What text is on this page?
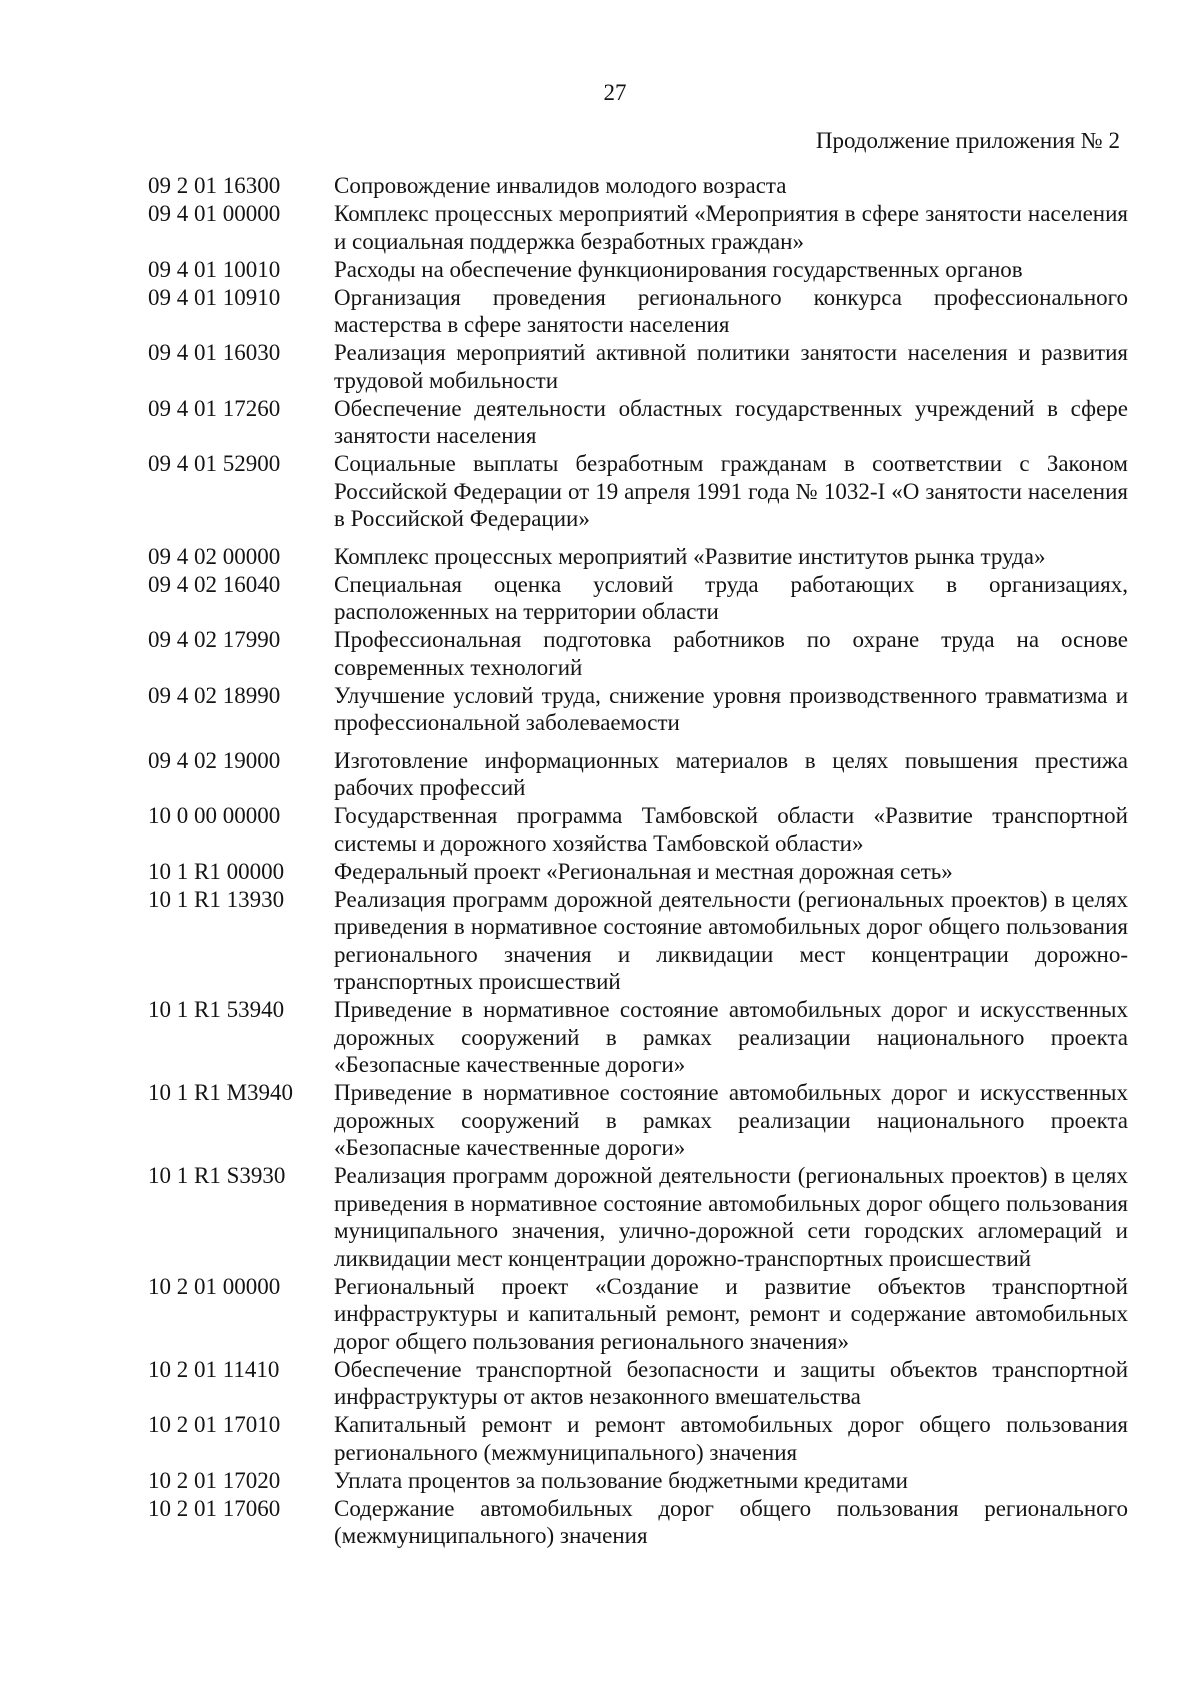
27
Продолжение приложения № 2
09 2 01 16300	Сопровождение инвалидов молодого возраста
09 4 01 00000	Комплекс процессных мероприятий «Мероприятия в сфере занятости населения и социальная поддержка безработных граждан»
09 4 01 10010	Расходы на обеспечение функционирования государственных органов
09 4 01 10910	Организация проведения регионального конкурса профессионального мастерства в сфере занятости населения
09 4 01 16030	Реализация мероприятий активной политики занятости населения и развития трудовой мобильности
09 4 01 17260	Обеспечение деятельности областных государственных учреждений в сфере занятости населения
09 4 01 52900	Социальные выплаты безработным гражданам в соответствии с Законом Российской Федерации от 19 апреля 1991 года № 1032-I «О занятости населения в Российской Федерации»
09 4 02 00000	Комплекс процессных мероприятий «Развитие институтов рынка труда»
09 4 02 16040	Специальная оценка условий труда работающих в организациях, расположенных на территории области
09 4 02 17990	Профессиональная подготовка работников по охране труда на основе современных технологий
09 4 02 18990	Улучшение условий труда, снижение уровня производственного травматизма и профессиональной заболеваемости
09 4 02 19000	Изготовление информационных материалов в целях повышения престижа рабочих профессий
10 0 00 00000	Государственная программа Тамбовской области «Развитие транспортной системы и дорожного хозяйства Тамбовской области»
10 1 R1 00000	Федеральный проект «Региональная и местная дорожная сеть»
10 1 R1 13930	Реализация программ дорожной деятельности (региональных проектов) в целях приведения в нормативное состояние автомобильных дорог общего пользования регионального значения и ликвидации мест концентрации дорожно-транспортных происшествий
10 1 R1 53940	Приведение в нормативное состояние автомобильных дорог и искусственных дорожных сооружений в рамках реализации национального проекта «Безопасные качественные дороги»
10 1 R1 M3940	Приведение в нормативное состояние автомобильных дорог и искусственных дорожных сооружений в рамках реализации национального проекта «Безопасные качественные дороги»
10 1 R1 S3930	Реализация программ дорожной деятельности (региональных проектов) в целях приведения в нормативное состояние автомобильных дорог общего пользования муниципального значения, улично-дорожной сети городских агломераций и ликвидации мест концентрации дорожно-транспортных происшествий
10 2 01 00000	Региональный проект «Создание и развитие объектов транспортной инфраструктуры и капитальный ремонт, ремонт и содержание автомобильных дорог общего пользования регионального значения»
10 2 01 11410	Обеспечение транспортной безопасности и защиты объектов транспортной инфраструктуры от актов незаконного вмешательства
10 2 01 17010	Капитальный ремонт и ремонт автомобильных дорог общего пользования регионального (межмуниципального) значения
10 2 01 17020	Уплата процентов за пользование бюджетными кредитами
10 2 01 17060	Содержание автомобильных дорог общего пользования регионального (межмуниципального) значения
